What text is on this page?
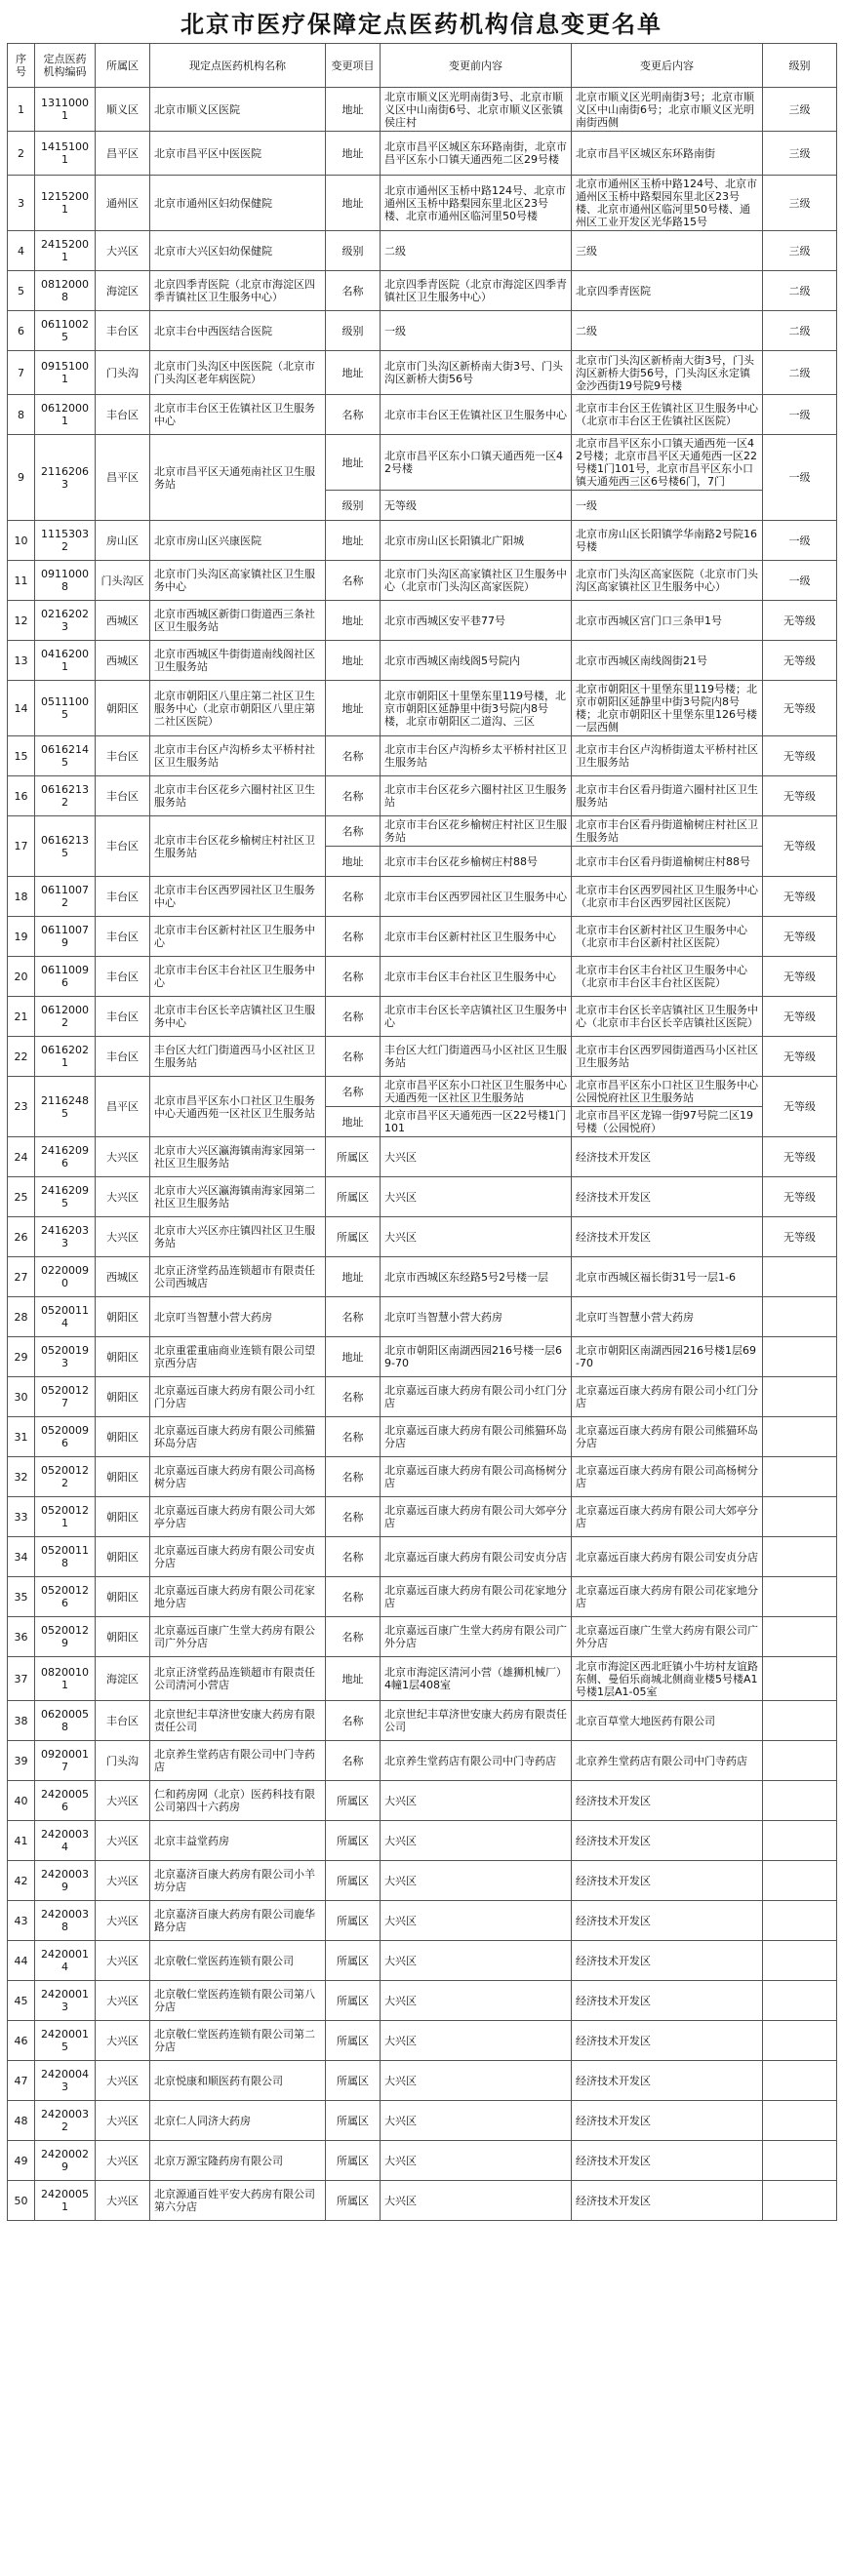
北京市医疗保障定点医药机构信息变更名单
序号	定点医药机构编码	所属区	现定点医药机构名称	变更项目	变更前内容	变更后内容	级别
1	13110001	顺义区	北京市顺义区医院	地址	北京市顺义区光明南街3号、北京市顺义区中山南街6号、北京市顺义区张镇侯庄村	北京市顺义区光明南街3号；北京市顺义区中山南街6号；北京市顺义区光明南街西侧	三级
2	14151001	昌平区	北京市昌平区中医医院	地址	北京市昌平区城区东环路南街，北京市昌平区东小口镇天通西苑二区29号楼	北京市昌平区城区东环路南街	三级
3	12152001	通州区	北京市通州区妇幼保健院	地址	北京市通州区玉桥中路124号、北京市通州区玉桥中路梨园东里北区23号楼、北京市通州区临河里50号楼	北京市通州区玉桥中路124号、北京市通州区玉桥中路梨园东里北区23号楼、北京市通州区临河里50号楼、通州区工业开发区光华路15号	三级
4	24152001	大兴区	北京市大兴区妇幼保健院	级别	二级	三级	三级
5	08120008	海淀区	北京四季青医院（北京市海淀区四季青镇社区卫生服务中心）	名称	北京四季青医院（北京市海淀区四季青镇社区卫生服务中心）	北京四季青医院	二级
6	06110025	丰台区	北京丰台中西医结合医院	级别	一级	二级	二级
7	09151001	门头沟	北京市门头沟区中医医院（北京市门头沟区老年病医院）	地址	北京市门头沟区新桥南大街3号、门头沟区新桥大街56号	北京市门头沟区新桥南大街3号，门头沟区新桥大街56号，门头沟区永定镇金沙西街19号院9号楼	二级
8	06120001	丰台区	北京市丰台区王佐镇社区卫生服务中心	名称	北京市丰台区王佐镇社区卫生服务中心	北京市丰台区王佐镇社区卫生服务中心（北京市丰台区王佐镇社区医院）	一级
9	21162063	昌平区	北京市昌平区天通苑南社区卫生服务站	地址	北京市昌平区东小口镇天通西苑一区42号楼	北京市昌平区东小口镇天通西苑一区42号楼；北京市昌平区天通苑西一区22号楼1门101号，北京市昌平区东小口镇天通苑西三区6号楼6门，7门	一级
				级别	无等级	一级	
10	11153032	房山区	北京市房山区兴康医院	地址	北京市房山区长阳镇北广阳城	北京市房山区长阳镇学华南路2号院16号楼	一级
11	09110008	门头沟区	北京市门头沟区高家镇社区卫生服务中心	名称	北京市门头沟区高家镇社区卫生服务中心（北京市门头沟区高家医院）	北京市门头沟区高家医院（北京市门头沟区高家镇社区卫生服务中心）	一级
12	02162023	西城区	北京市西城区新街口街道西三条社区卫生服务站	地址	北京市西城区安平巷77号	北京市西城区宫门口三条甲1号	无等级
13	04162001	西城区	北京市西城区牛街街道南线阁社区卫生服务站	地址	北京市西城区南线阁5号院内	北京市西城区南线阁街21号	无等级
14	05111005	朝阳区	北京市朝阳区八里庄第二社区卫生服务中心（北京市朝阳区八里庄第二社区医院）	地址	北京市朝阳区十里堡东里119号楼，北京市朝阳区延静里中街3号院内8号楼，北京市朝阳区二道沟、三区	北京市朝阳区十里堡东里119号楼；北京市朝阳区延静里中街3号院内8号楼；北京市朝阳区十里堡东里126号楼一层西侧	无等级
15	06162145	丰台区	北京市丰台区卢沟桥乡太平桥村社区卫生服务站	名称	北京市丰台区卢沟桥乡太平桥村社区卫生服务站	北京市丰台区卢沟桥街道太平桥村社区卫生服务站	无等级
16	06162132	丰台区	北京市丰台区花乡六圈村社区卫生服务站	名称	北京市丰台区花乡六圈村社区卫生服务站	北京市丰台区看丹街道六圈村社区卫生服务站	无等级
17	06162135	丰台区	北京市丰台区花乡榆树庄村社区卫生服务站	名称	北京市丰台区花乡榆树庄村社区卫生服务站	北京市丰台区看丹街道榆树庄村社区卫生服务站	无等级
				地址	北京市丰台区花乡榆树庄村88号	北京市丰台区看丹街道榆树庄村88号	
18	06110072	丰台区	北京市丰台区西罗园社区卫生服务中心	名称	北京市丰台区西罗园社区卫生服务中心	北京市丰台区西罗园社区卫生服务中心（北京市丰台区西罗园社区医院）	无等级
19	06110079	丰台区	北京市丰台区新村社区卫生服务中心	名称	北京市丰台区新村社区卫生服务中心	北京市丰台区新村社区卫生服务中心（北京市丰台区新村社区医院）	无等级
20	06110096	丰台区	北京市丰台区丰台社区卫生服务中心	名称	北京市丰台区丰台社区卫生服务中心	北京市丰台区丰台社区卫生服务中心（北京市丰台区丰台社区医院）	无等级
21	06120002	丰台区	北京市丰台区长辛店镇社区卫生服务中心	名称	北京市丰台区长辛店镇社区卫生服务中心	北京市丰台区长辛店镇社区卫生服务中心（北京市丰台区长辛店镇社区医院）	无等级
22	06162021	丰台区	丰台区大红门街道西马小区社区卫生服务站	名称	丰台区大红门街道西马小区社区卫生服务站	北京市丰台区西罗园街道西马小区社区卫生服务站	无等级
23	21162485	昌平区	北京市昌平区东小口社区卫生服务中心天通西苑一区社区卫生服务站	名称	北京市昌平区东小口社区卫生服务中心天通西苑一区社区卫生服务站	北京市昌平区东小口社区卫生服务中心公园悦府社区卫生服务站	无等级
				地址	北京市昌平区天通苑西一区22号楼1门101	北京市昌平区龙锦一街97号院二区19号楼（公园悦府）	
24	24162096	大兴区	北京市大兴区瀛海镇南海家园第一社区卫生服务站	所属区	大兴区	经济技术开发区	无等级
25	24162095	大兴区	北京市大兴区瀛海镇南海家园第二社区卫生服务站	所属区	大兴区	经济技术开发区	无等级
26	24162033	大兴区	北京市大兴区亦庄镇四社区卫生服务站	所属区	大兴区	经济技术开发区	无等级
27	02200090	西城区	北京正济堂药品连锁超市有限责任公司西城店	地址	北京市西城区东经路5号2号楼一层	北京市西城区福长街31号一层1-6	
28	05200114	朝阳区	北京叮当智慧小营大药房	名称	北京叮当智慧小营大药房	北京叮当智慧小营大药房	
29	05200193	朝阳区	北京重霍重庙商业连锁有限公司望京西分店	地址	北京市朝阳区南湖西园216号楼一层69-70	北京市朝阳区南湖西园216号楼1层69-70	
30	05200127	朝阳区	北京嘉远百康大药房有限公司小红门分店	名称	北京嘉远百康大药房有限公司小红门分店	北京嘉远百康大药房有限公司小红门分店	
31	05200096	朝阳区	北京嘉远百康大药房有限公司熊猫环岛分店	名称	北京嘉远百康大药房有限公司熊猫环岛分店	北京嘉远百康大药房有限公司熊猫环岛分店	
32	05200122	朝阳区	北京嘉远百康大药房有限公司高杨树分店	名称	北京嘉远百康大药房有限公司高杨树分店	北京嘉远百康大药房有限公司高杨树分店	
33	05200121	朝阳区	北京嘉远百康大药房有限公司大郊亭分店	名称	北京嘉远百康大药房有限公司大郊亭分店	北京嘉远百康大药房有限公司大郊亭分店	
34	05200118	朝阳区	北京嘉远百康大药房有限公司安贞分店	名称	北京嘉远百康大药房有限公司安贞分店	北京嘉远百康大药房有限公司安贞分店	
35	05200126	朝阳区	北京嘉远百康大药房有限公司花家地分店	名称	北京嘉远百康大药房有限公司花家地分店	北京嘉远百康大药房有限公司花家地分店	
36	05200129	朝阳区	北京嘉远百康广生堂大药房有限公司广外分店	名称	北京嘉远百康广生堂大药房有限公司广外分店	北京嘉远百康广生堂大药房有限公司广外分店	
37	08200101	海淀区	北京正济堂药品连锁超市有限责任公司清河小营店	地址	北京市海淀区清河小营（雄狮机械厂）4幢1层408室	北京市海淀区西北旺镇小牛坊村友谊路东侧、曼佰乐商城北侧商业楼5号楼A1号楼1层A1-05室	
38	06200058	丰台区	北京世纪丰草济世安康大药房有限责任公司	名称	北京世纪丰草济世安康大药房有限责任公司	北京百草堂大地医药有限公司	
39	09200017	门头沟	北京养生堂药店有限公司中门寺药店	名称	北京养生堂药店有限公司中门寺药店	北京养生堂药店有限公司中门寺药店	
40	24200056	大兴区	仁和药房网（北京）医药科技有限公司第四十六药房	所属区	大兴区	经济技术开发区	
41	24200034	大兴区	北京丰益堂药房	所属区	大兴区	经济技术开发区	
42	24200039	大兴区	北京嘉济百康大药房有限公司小羊坊分店	所属区	大兴区	经济技术开发区	
43	24200038	大兴区	北京嘉济百康大药房有限公司鹿华路分店	所属区	大兴区	经济技术开发区	
44	24200014	大兴区	北京敬仁堂医药连锁有限公司	所属区	大兴区	经济技术开发区	
45	24200013	大兴区	北京敬仁堂医药连锁有限公司第八分店	所属区	大兴区	经济技术开发区	
46	24200015	大兴区	北京敬仁堂医药连锁有限公司第二分店	所属区	大兴区	经济技术开发区	
47	24200043	大兴区	北京悦康和顺医药有限公司	所属区	大兴区	经济技术开发区	
48	24200032	大兴区	北京仁人同济大药房	所属区	大兴区	经济技术开发区	
49	24200029	大兴区	北京万源宝隆药房有限公司	所属区	大兴区	经济技术开发区	
50	24200051	大兴区	北京源通百姓平安大药房有限公司第六分店	所属区	大兴区	经济技术开发区	
